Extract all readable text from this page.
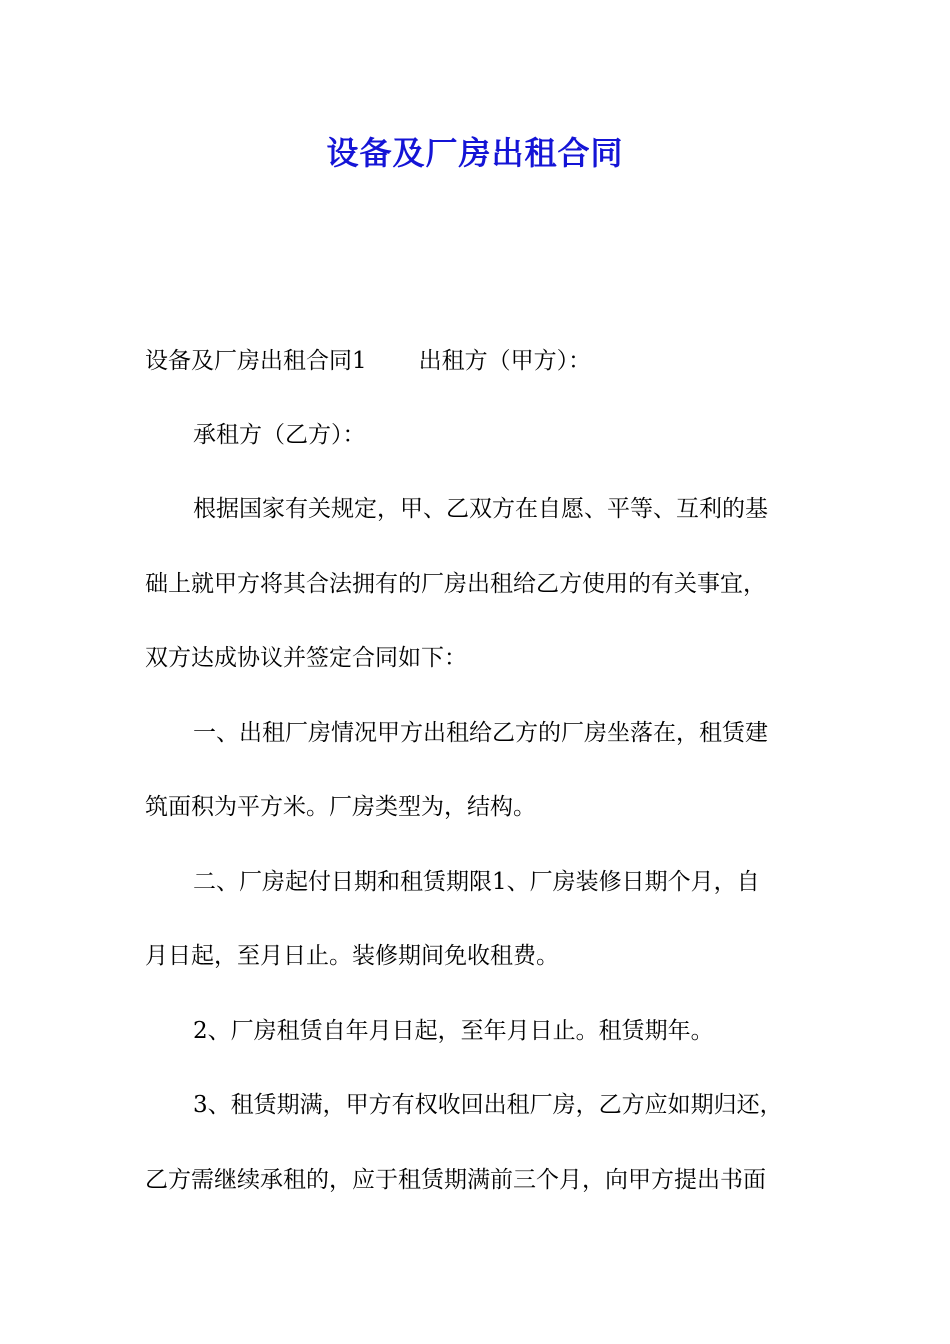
设备及厂房出租合同
设备及厂房出租合同1 出租方（甲方）：
承租方（乙方）：
根据国家有关规定，甲、乙双方在自愿、平等、互利的基
础上就甲方将其合法拥有的厂房出租给乙方使用的有关事宜，
双方达成协议并签定合同如下：
一、出租厂房情况甲方出租给乙方的厂房坐落在，租赁建
筑面积为平方米。厂房类型为，结构。
二、厂房起付日期和租赁期限1、厂房装修日期个月，自
月日起，至月日止。装修期间免收租费。
2、厂房租赁自年月日起，至年月日止。租赁期年。
3、租赁期满，甲方有权收回出租厂房，乙方应如期归还，
乙方需继续承租的，应于租赁期满前三个月，向甲方提出书面
